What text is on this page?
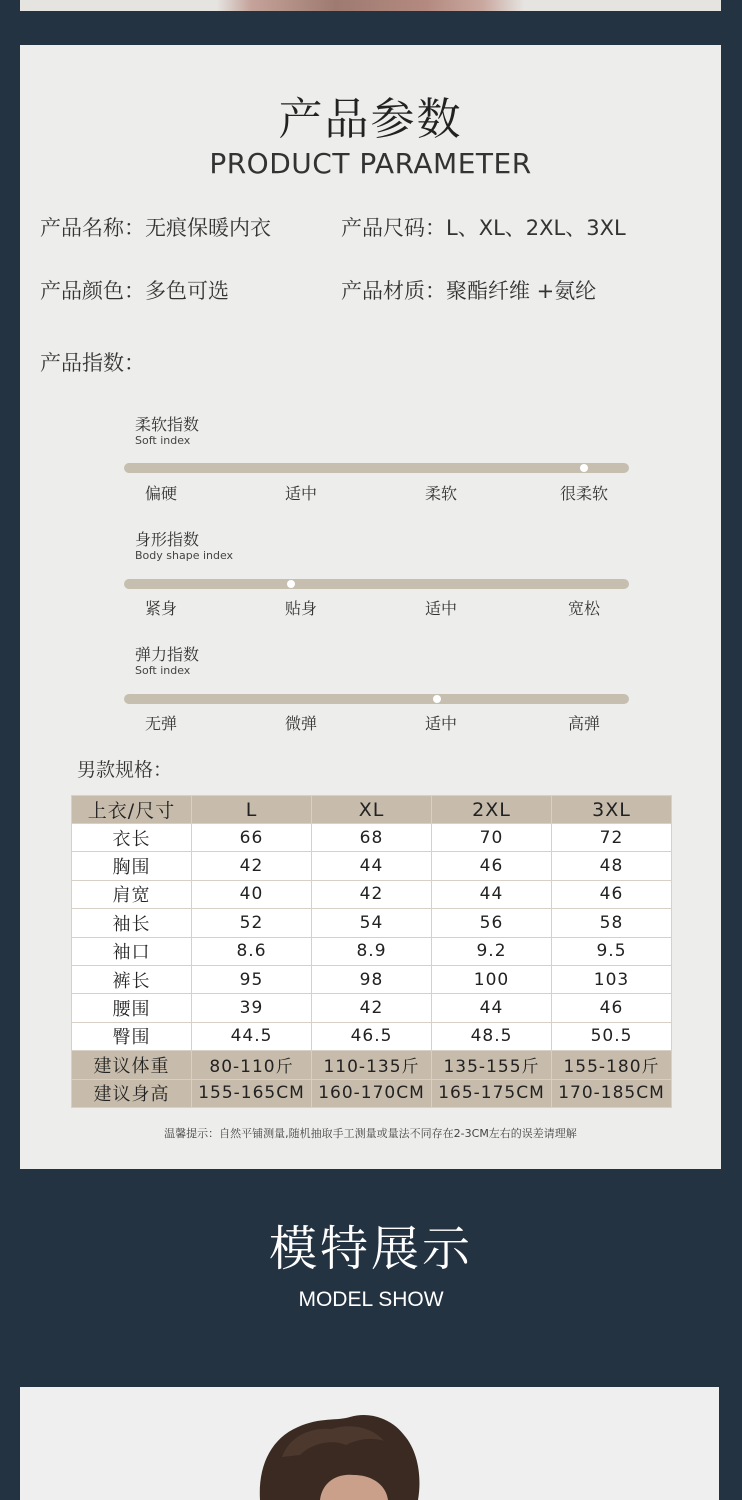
产品参数
PRODUCT PARAMETER
产品名称：无痕保暖内衣	产品尺码：L、XL、2XL、3XL
产品颜色：多色可选	产品材质：聚酯纤维 +氨纶
产品指数：
柔软指数
Soft index
偏硬	适中	柔软	很柔软
身形指数
Body shape index
紧身	贴身	适中	宽松
弹力指数
Soft index
无弹	微弹	适中	高弹
男款规格：
上衣/尺寸	L	XL	2XL	3XL
衣长	66	68	70	72
胸围	42	44	46	48
肩宽	40	42	44	46
袖长	52	54	56	58
袖口	8.6	8.9	9.2	9.5
裤长	95	98	100	103
腰围	39	42	44	46
臀围	44.5	46.5	48.5	50.5
建议体重	80-110斤	110-135斤	135-155斤	155-180斤
建议身高	155-165CM	160-170CM	165-175CM	170-185CM
温馨提示：自然平铺测量,随机抽取手工测量或量法不同存在2-3CM左右的误差请理解
模特展示
MODEL SHOW
